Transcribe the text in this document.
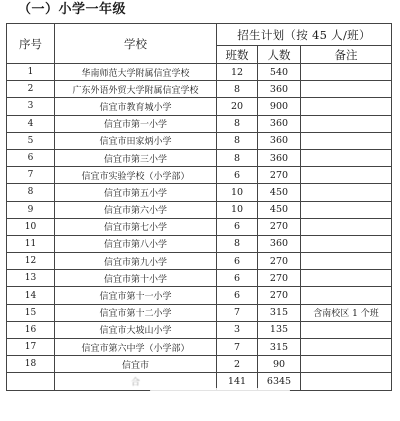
（一）小学一年级
序号	学校	招生计划（按 45 人/班）		
		班数	人数	备注
1	华南师范大学附属信宜学校	12	540	
2	广东外语外贸大学附属信宜学校	8	360	
3	信宜市教育城小学	20	900	
4	信宜市第一小学	8	360	
5	信宜市田家炳小学	8	360	
6	信宜市第三小学	8	360	
7	信宜市实验学校（小学部）	6	270	
8	信宜市第五小学	10	450	
9	信宜市第六小学	10	450	
10	信宜市第七小学	6	270	
11	信宜市第八小学	8	360	
12	信宜市第九小学	6	270	
13	信宜市第十小学	6	270	
14	信宜市第十一小学	6	270	
15	信宜市第十二小学	7	315	含南校区 1 个班
16	信宜市大坡山小学	3	135	
17	信宜市第六中学（小学部）	7	315	
18	信宜市	2	90	
	合	141	6345	
